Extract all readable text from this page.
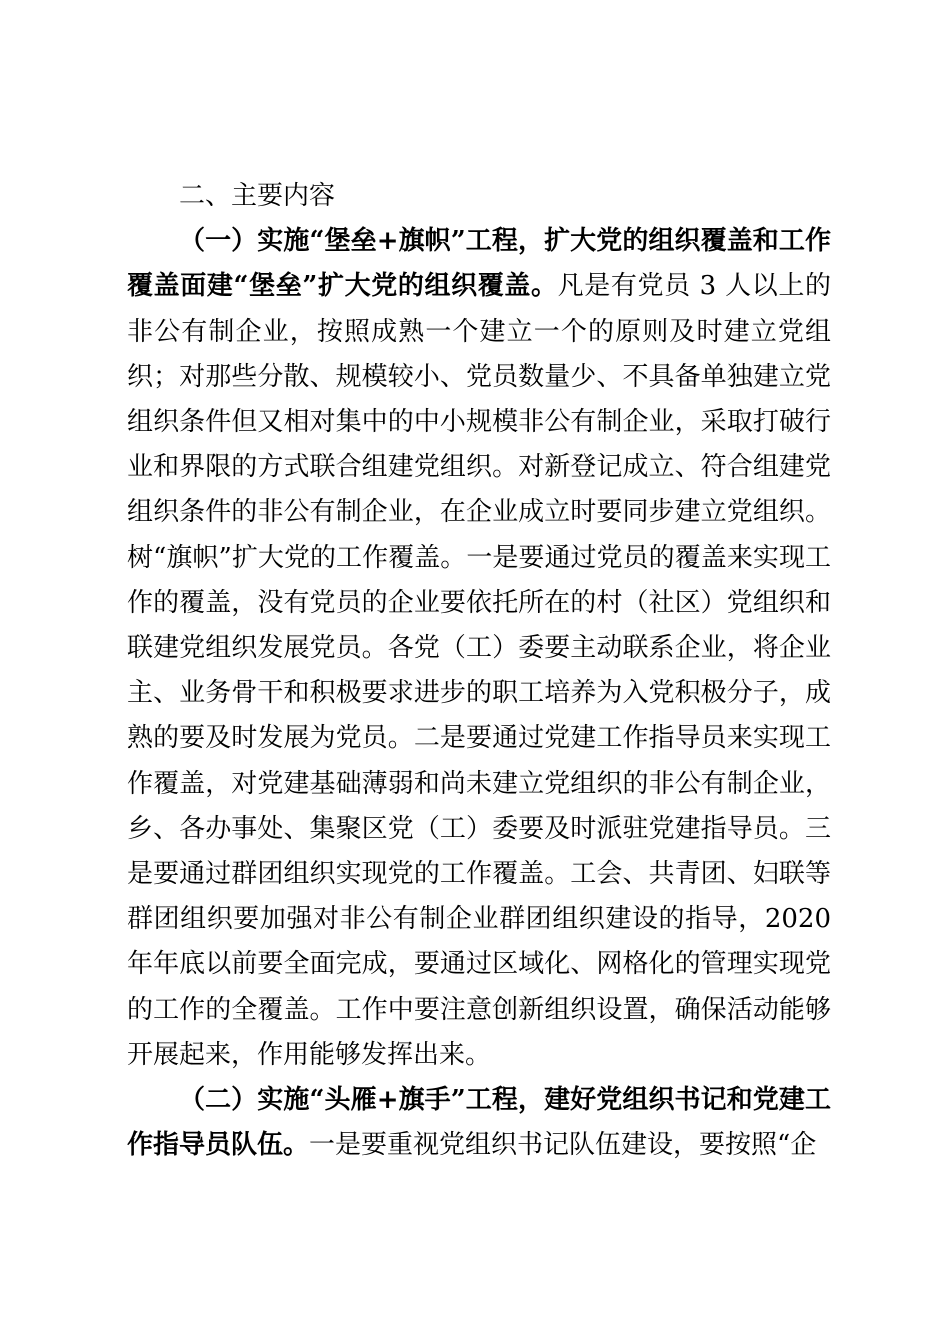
二、主要内容

（一）实施“堡垒+旗帜”工程，扩大党的组织覆盖和工作覆盖面建“堡垒”扩大党的组织覆盖。凡是有党员 3 人以上的非公有制企业，按照成熟一个建立一个的原则及时建立党组织；对那些分散、规模较小、党员数量少、不具备单独建立党组织条件但又相对集中的中小规模非公有制企业，采取打破行业和界限的方式联合组建党组织。对新登记成立、符合组建党组织条件的非公有制企业，在企业成立时要同步建立党组织。树“旗帜”扩大党的工作覆盖。一是要通过党员的覆盖来实现工作的覆盖，没有党员的企业要依托所在的村（社区）党组织和联建党组织发展党员。各党（工）委要主动联系企业，将企业主、业务骨干和积极要求进步的职工培养为入党积极分子，成熟的要及时发展为党员。二是要通过党建工作指导员来实现工作覆盖，对党建基础薄弱和尚未建立党组织的非公有制企业，乡、各办事处、集聚区党（工）委要及时派驻党建指导员。三是要通过群团组织实现党的工作覆盖。工会、共青团、妇联等群团组织要加强对非公有制企业群团组织建设的指导，2020 年年底以前要全面完成，要通过区域化、网格化的管理实现党的工作的全覆盖。工作中要注意创新组织设置，确保活动能够开展起来，作用能够发挥出来。

（二）实施“头雁+旗手”工程，建好党组织书记和党建工作指导员队伍。一是要重视党组织书记队伍建设，要按照“企
